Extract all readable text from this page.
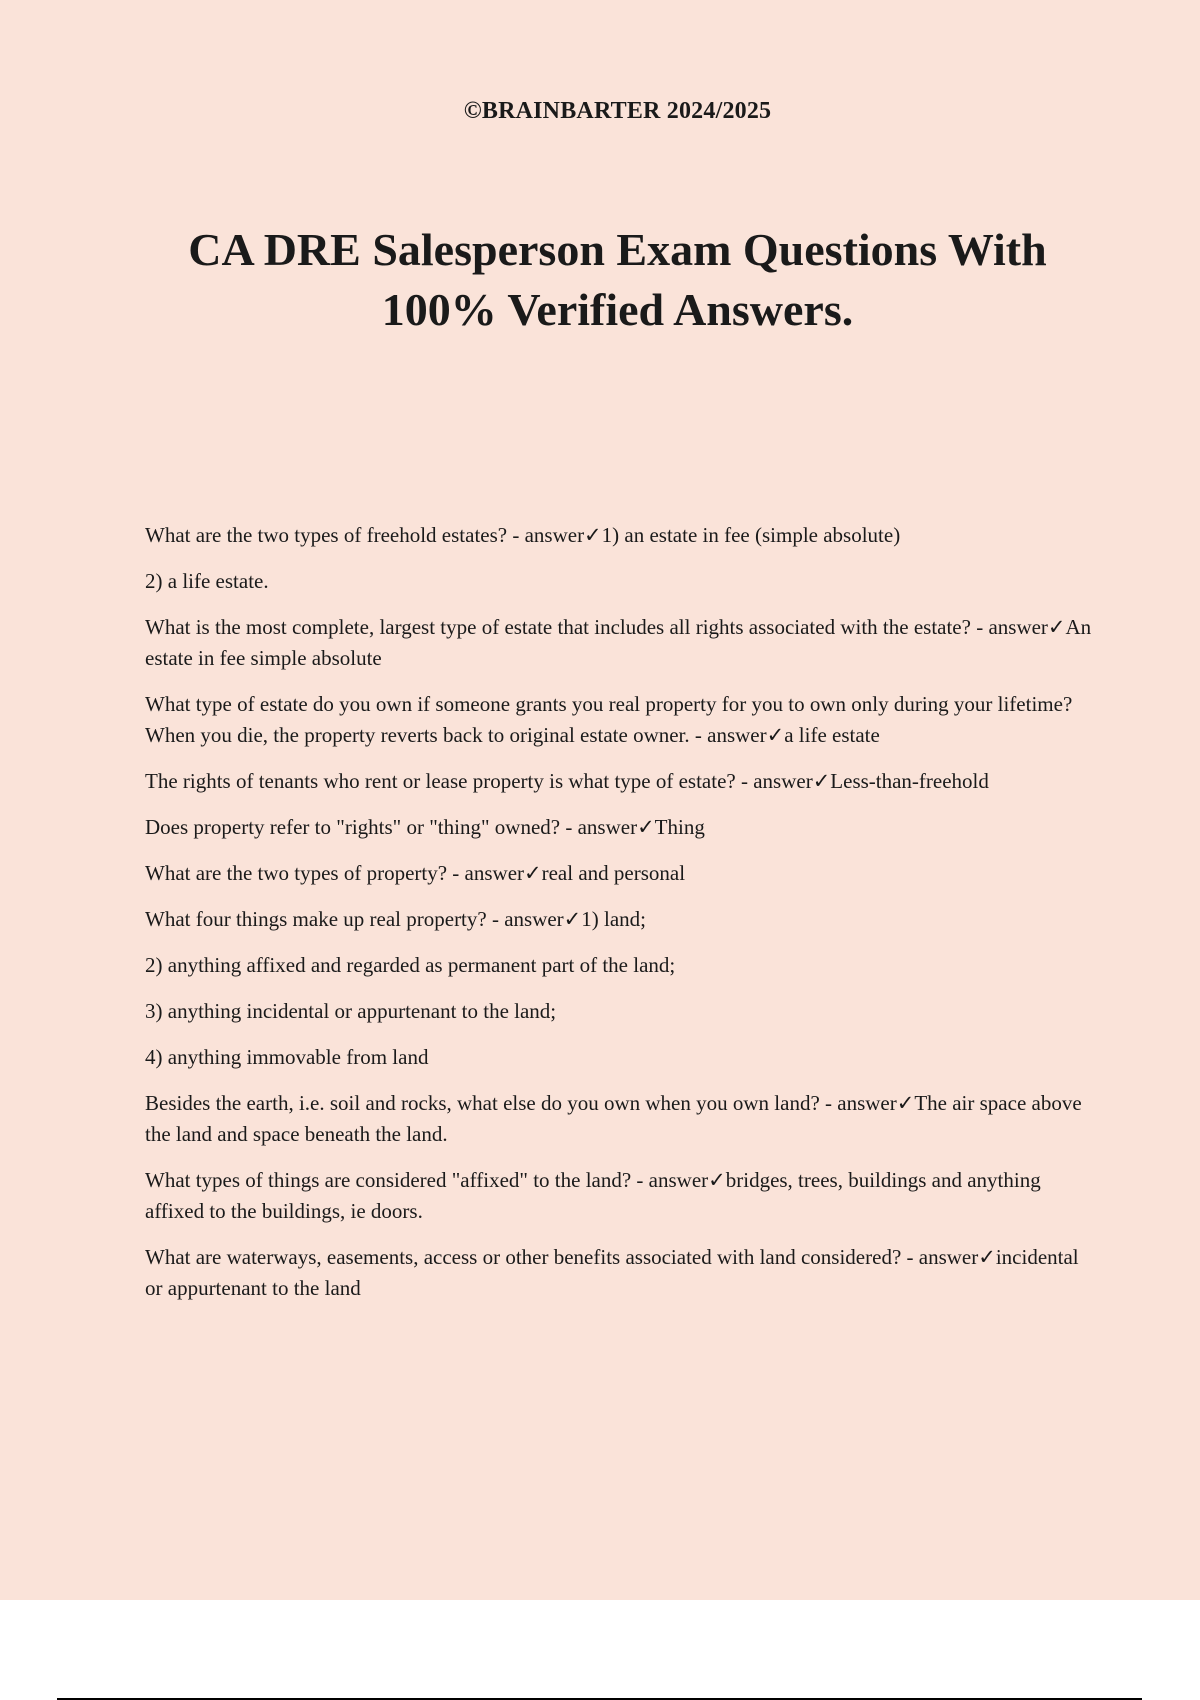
©BRAINBARTER 2024/2025
CA DRE Salesperson Exam Questions With
100% Verified Answers.

What are the two types of freehold estates? - answer✓1) an estate in fee (simple absolute)

2) a life estate.

What is the most complete, largest type of estate that includes all rights associated with the estate? - answer✓An estate in fee simple absolute

What type of estate do you own if someone grants you real property for you to own only during your lifetime? When you die, the property reverts back to original estate owner. - answer✓a life estate

The rights of tenants who rent or lease property is what type of estate? - answer✓Less-than-freehold

Does property refer to "rights" or "thing" owned? - answer✓Thing

What are the two types of property? - answer✓real and personal

What four things make up real property? - answer✓1) land;

2) anything affixed and regarded as permanent part of the land;

3) anything incidental or appurtenant to the land;

4) anything immovable from land

Besides the earth, i.e. soil and rocks, what else do you own when you own land? - answer✓The air space above the land and space beneath the land.

What types of things are considered "affixed" to the land? - answer✓bridges, trees, buildings and anything affixed to the buildings, ie doors.

What are waterways, easements, access or other benefits associated with land considered? - answer✓incidental or appurtenant to the land
